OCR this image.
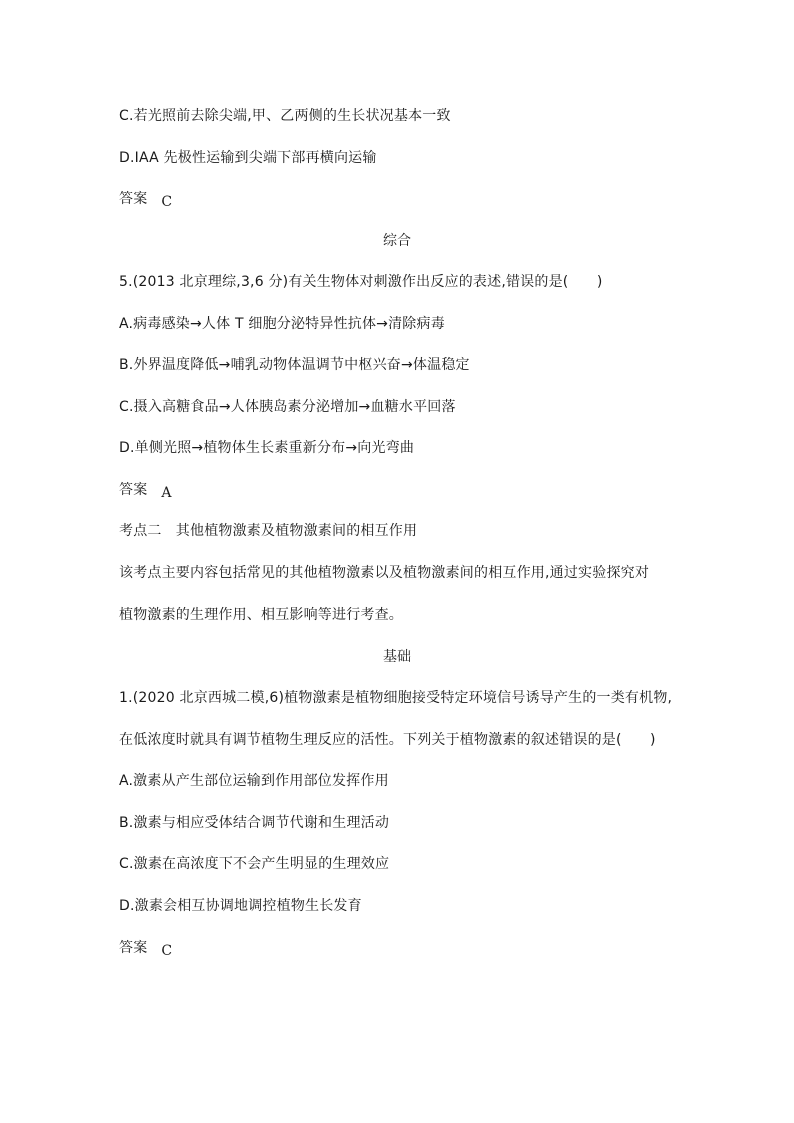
C.若光照前去除尖端,甲、乙两侧的生长状况基本一致
D.IAA 先极性运输到尖端下部再横向运输
答案 C
综合
5.(2013 北京理综,3,6 分)有关生物体对刺激作出反应的表述,错误的是(　　)
A.病毒感染→人体 T 细胞分泌特异性抗体→清除病毒
B.外界温度降低→哺乳动物体温调节中枢兴奋→体温稳定
C.摄入高糖食品→人体胰岛素分泌增加→血糖水平回落
D.单侧光照→植物体生长素重新分布→向光弯曲
答案 A
考点二　其他植物激素及植物激素间的相互作用
该考点主要内容包括常见的其他植物激素以及植物激素间的相互作用,通过实验探究对
植物激素的生理作用、相互影响等进行考查。
基础
1.(2020 北京西城二模,6)植物激素是植物细胞接受特定环境信号诱导产生的一类有机物,
在低浓度时就具有调节植物生理反应的活性。下列关于植物激素的叙述错误的是(　　)
A.激素从产生部位运输到作用部位发挥作用
B.激素与相应受体结合调节代谢和生理活动
C.激素在高浓度下不会产生明显的生理效应
D.激素会相互协调地调控植物生长发育
答案 C
